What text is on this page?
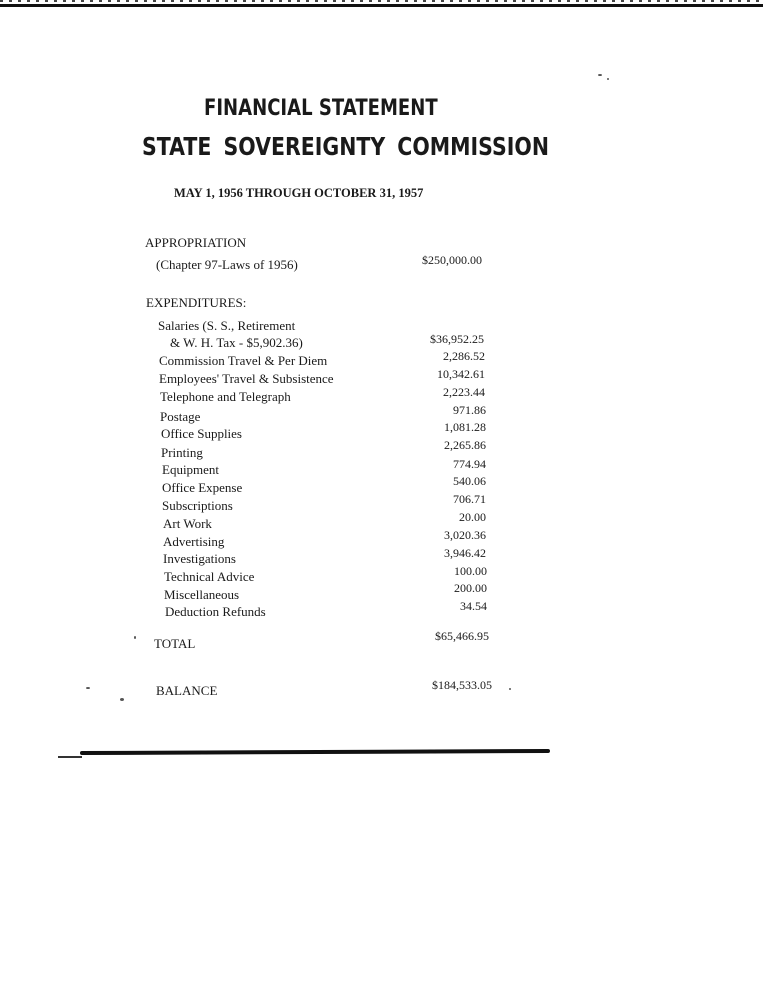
FINANCIAL STATEMENT
STATE SOVEREIGNTY COMMISSION
MAY 1, 1956 THROUGH OCTOBER 31, 1957
APPROPRIATION
(Chapter 97-Laws of 1956)	$250,000.00
EXPENDITURES:
Salaries (S. S., Retirement
& W. H. Tax - $5,902.36)	$36,952.25
Commission Travel & Per Diem	2,286.52
Employees' Travel & Subsistence	10,342.61
Telephone and Telegraph	2,223.44
Postage	971.86
Office Supplies	1,081.28
Printing	2,265.86
Equipment	774.94
Office Expense	540.06
Subscriptions	706.71
Art Work	20.00
Advertising	3,020.36
Investigations	3,946.42
Technical Advice	100.00
Miscellaneous	200.00
Deduction Refunds	34.54
TOTAL	$65,466.95
BALANCE	$184,533.05
